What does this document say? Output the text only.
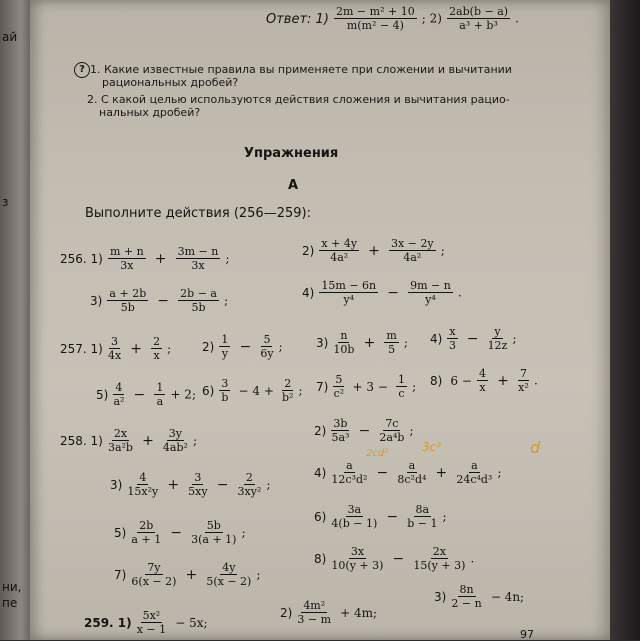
ай
з
ни,
пе
Ответ: $1) \frac{\text{2m − m² + 10}}{\text{m(m² − 4)}}$ ; $2) \frac{2ab(b - a)}{\text{a³ + b³}}$ .
? 1. Какие известные правила вы применяете при сложении и вычитании
рациональных дробей?
2. С какой целью используются действия сложения и вычитания рацио-
нальных дробей?
Упражнения
А
Выполните действия (256—259):
256. $1) \frac{m + n}{3x} + \frac{3m - n}{3x}$ ;
$2) \frac{x + 4y}{\text{4a²}} + \frac{3x - 2y}{\text{4a²}}$ ;
$3) \frac{a + 2b}{5b} - \frac{2b - a}{5b}$ ;
$4) \frac{15m - 6n}{\text{y⁴}} - \frac{9m - n}{\text{y⁴}}$ .
257. $1) \frac{3}{4x} + \frac{2}{x}$ ;	$2) \frac{1}{y} - \frac{5}{6y}$ ;	$3) \frac{n}{10b} + \frac{m}{5}$ ; $4) \frac{x}{3} - \frac{y}{12z}$ ;
$5) \frac{4}{\text{a²}} - \frac{1}{a} + 2$; $6) \frac{3}{b} - 4 + \frac{2}{\text{b²}}$ ; $7) \frac{5}{\text{c²}} + 3 - \frac{1}{c}$ ; 8) $6 - \frac{4}{x} + \frac{7}{\text{x²}}$ .
258. $1) \frac{2x}{\text{3a²b}} + \frac{3y}{\text{4ab²}}$ ;
$2) \frac{3b}{\text{5a³}} - \frac{7c}{\text{2a⁴b}}$ ;
$3) \frac{4}{\text{15x²y}} + \frac{3}{5xy} - \frac{2}{\text{3xy²}}$ ;
$4) \frac{a}{\text{12c³d²}} - \frac{a}{\text{8c²d⁴}} + \frac{a}{\text{24c⁴d³}}$ ;
$5) \frac{2b}{a + 1} - \frac{5b}{3(a + 1)}$ ;
$6) \frac{3a}{4(b - 1)} - \frac{8a}{b - 1}$ ;
$7) \frac{7y}{6(x - 2)} + \frac{4y}{5(x - 2)}$ ;
$8) \frac{3x}{10(y + 3)} - \frac{2x}{15(y + 3)}$ .
259. $1) \frac{\text{5x²}}{x - 1} - 5x$;
$2) \frac{\text{4m²}}{3 - m} + 4m$;
$3) \frac{8n}{2 - n} - 4n$;
2cd²	3c²	d
97
